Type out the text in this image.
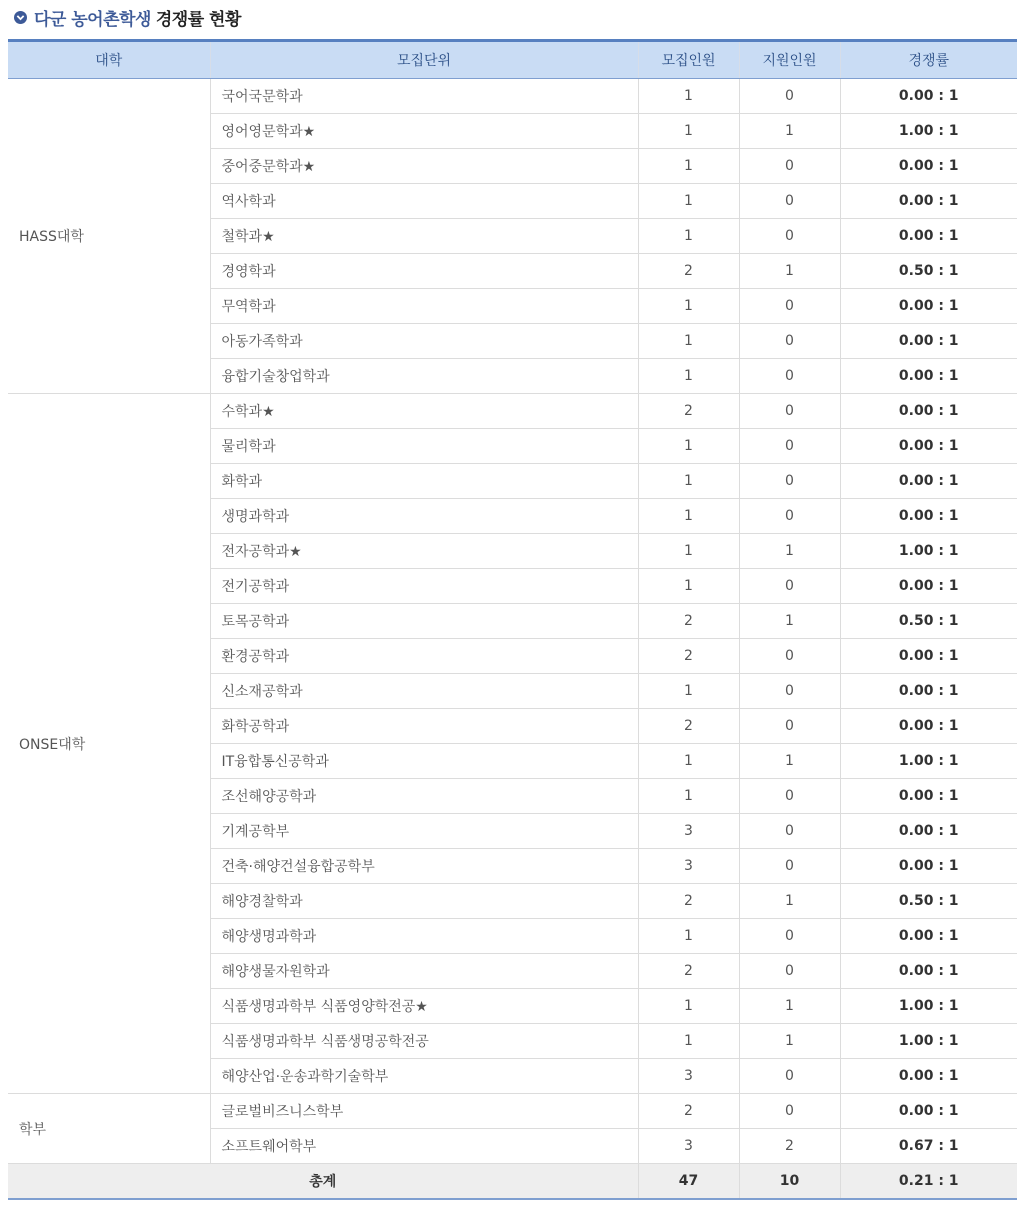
다군 농어촌학생 경쟁률 현황
대학	모집단위	모집인원	지원인원	경쟁률
HASS대학	국어국문학과	1	0	0.00 : 1
	영어영문학과★	1	1	1.00 : 1
	중어중문학과★	1	0	0.00 : 1
	역사학과	1	0	0.00 : 1
	철학과★	1	0	0.00 : 1
	경영학과	2	1	0.50 : 1
	무역학과	1	0	0.00 : 1
	아동가족학과	1	0	0.00 : 1
	융합기술창업학과	1	0	0.00 : 1
ONSE대학	수학과★	2	0	0.00 : 1
	물리학과	1	0	0.00 : 1
	화학과	1	0	0.00 : 1
	생명과학과	1	0	0.00 : 1
	전자공학과★	1	1	1.00 : 1
	전기공학과	1	0	0.00 : 1
	토목공학과	2	1	0.50 : 1
	환경공학과	2	0	0.00 : 1
	신소재공학과	1	0	0.00 : 1
	화학공학과	2	0	0.00 : 1
	IT융합통신공학과	1	1	1.00 : 1
	조선해양공학과	1	0	0.00 : 1
	기계공학부	3	0	0.00 : 1
	건축·해양건설융합공학부	3	0	0.00 : 1
	해양경찰학과	2	1	0.50 : 1
	해양생명과학과	1	0	0.00 : 1
	해양생물자원학과	2	0	0.00 : 1
	식품생명과학부 식품영양학전공★	1	1	1.00 : 1
	식품생명과학부 식품생명공학전공	1	1	1.00 : 1
	해양산업·운송과학기술학부	3	0	0.00 : 1
학부	글로벌비즈니스학부	2	0	0.00 : 1
	소프트웨어학부	3	2	0.67 : 1
총계		47	10	0.21 : 1
